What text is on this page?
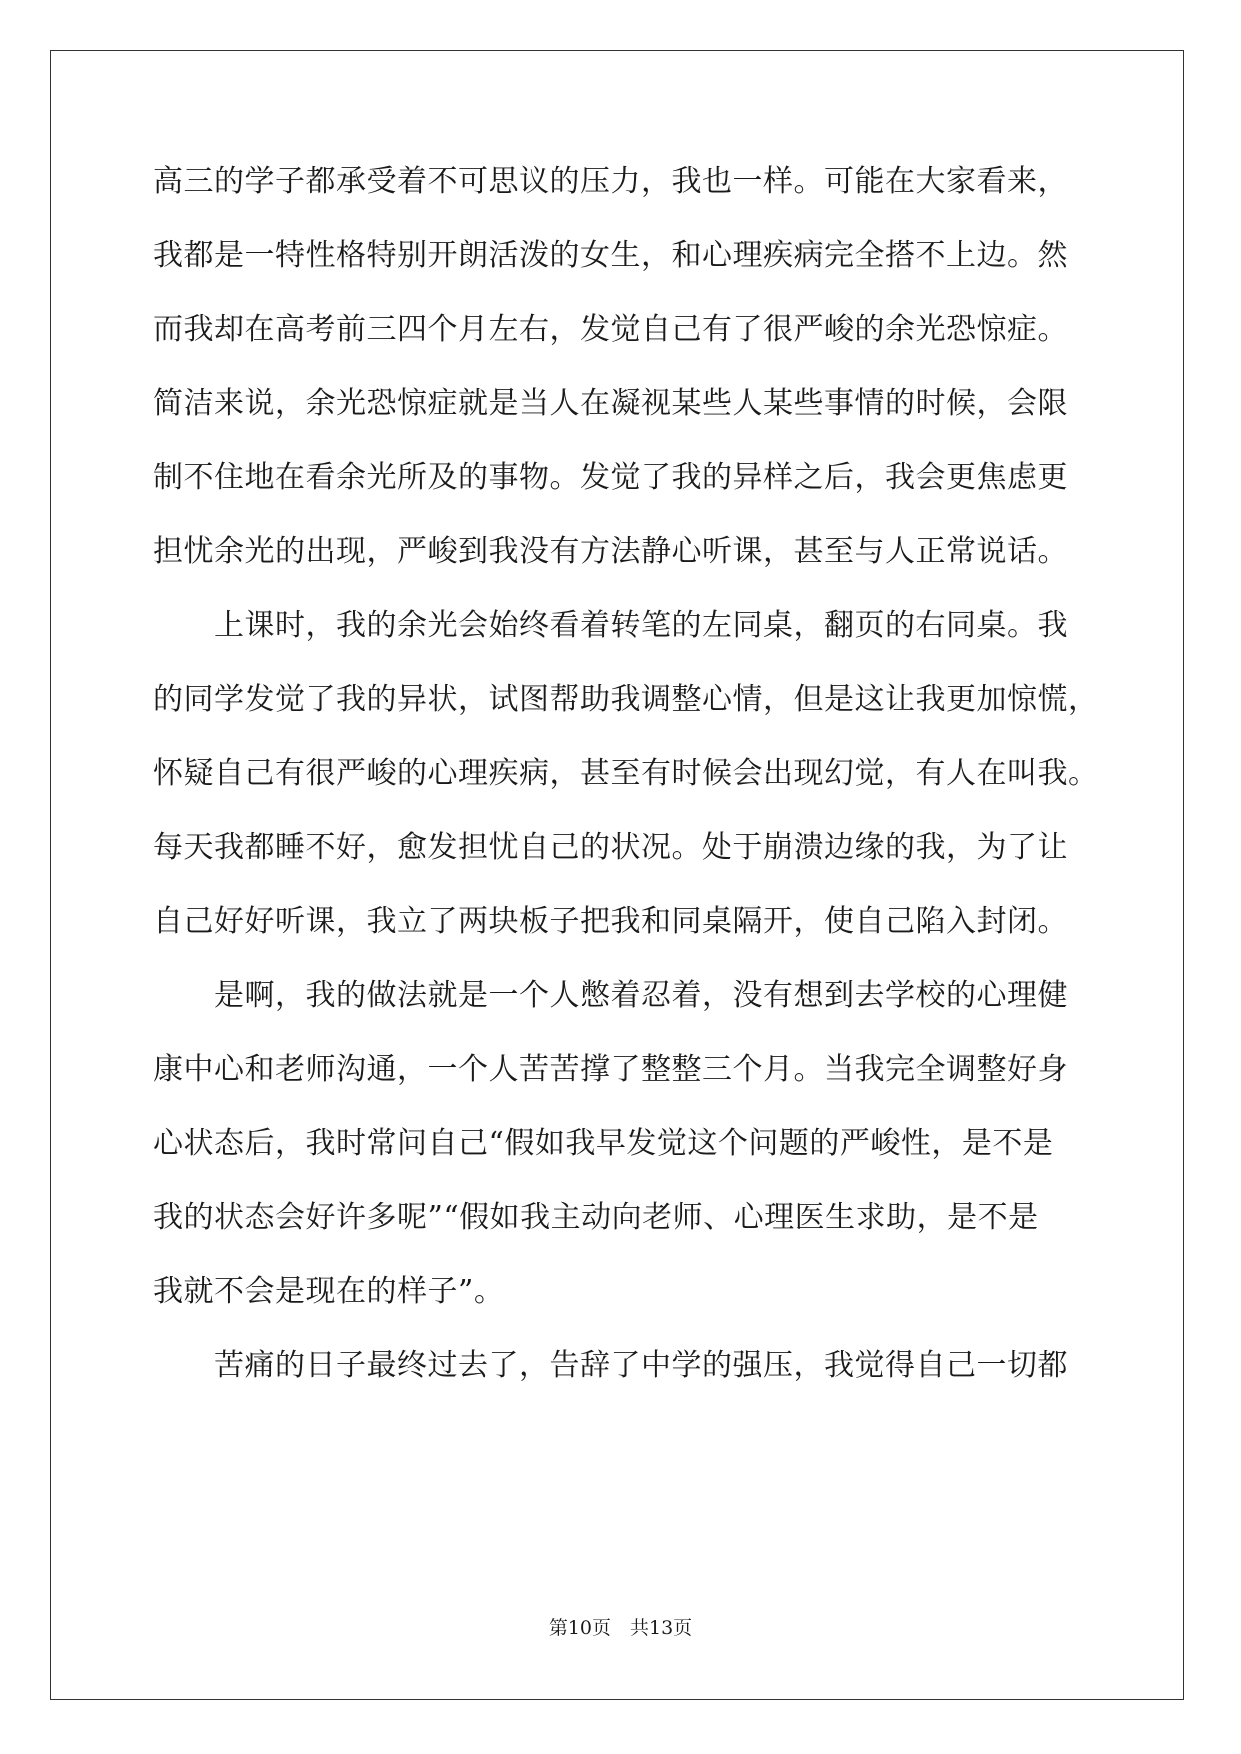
高三的学子都承受着不可思议的压力，我也一样。可能在大家看来，
我都是一特性格特别开朗活泼的女生，和心理疾病完全搭不上边。然
而我却在高考前三四个月左右，发觉自己有了很严峻的余光恐惊症。
简洁来说，余光恐惊症就是当人在凝视某些人某些事情的时候，会限
制不住地在看余光所及的事物。发觉了我的异样之后，我会更焦虑更
担忧余光的出现，严峻到我没有方法静心听课，甚至与人正常说话。
　　上课时，我的余光会始终看着转笔的左同桌，翻页的右同桌。我
的同学发觉了我的异状，试图帮助我调整心情，但是这让我更加惊慌，
怀疑自己有很严峻的心理疾病，甚至有时候会出现幻觉，有人在叫我。
每天我都睡不好，愈发担忧自己的状况。处于崩溃边缘的我，为了让
自己好好听课，我立了两块板子把我和同桌隔开，使自己陷入封闭。
　　是啊，我的做法就是一个人憋着忍着，没有想到去学校的心理健
康中心和老师沟通，一个人苦苦撑了整整三个月。当我完全调整好身
心状态后，我时常问自己“假如我早发觉这个问题的严峻性，是不是
我的状态会好许多呢”“假如我主动向老师、心理医生求助，是不是
我就不会是现在的样子”。
　　苦痛的日子最终过去了，告辞了中学的强压，我觉得自己一切都
第10页　共13页
